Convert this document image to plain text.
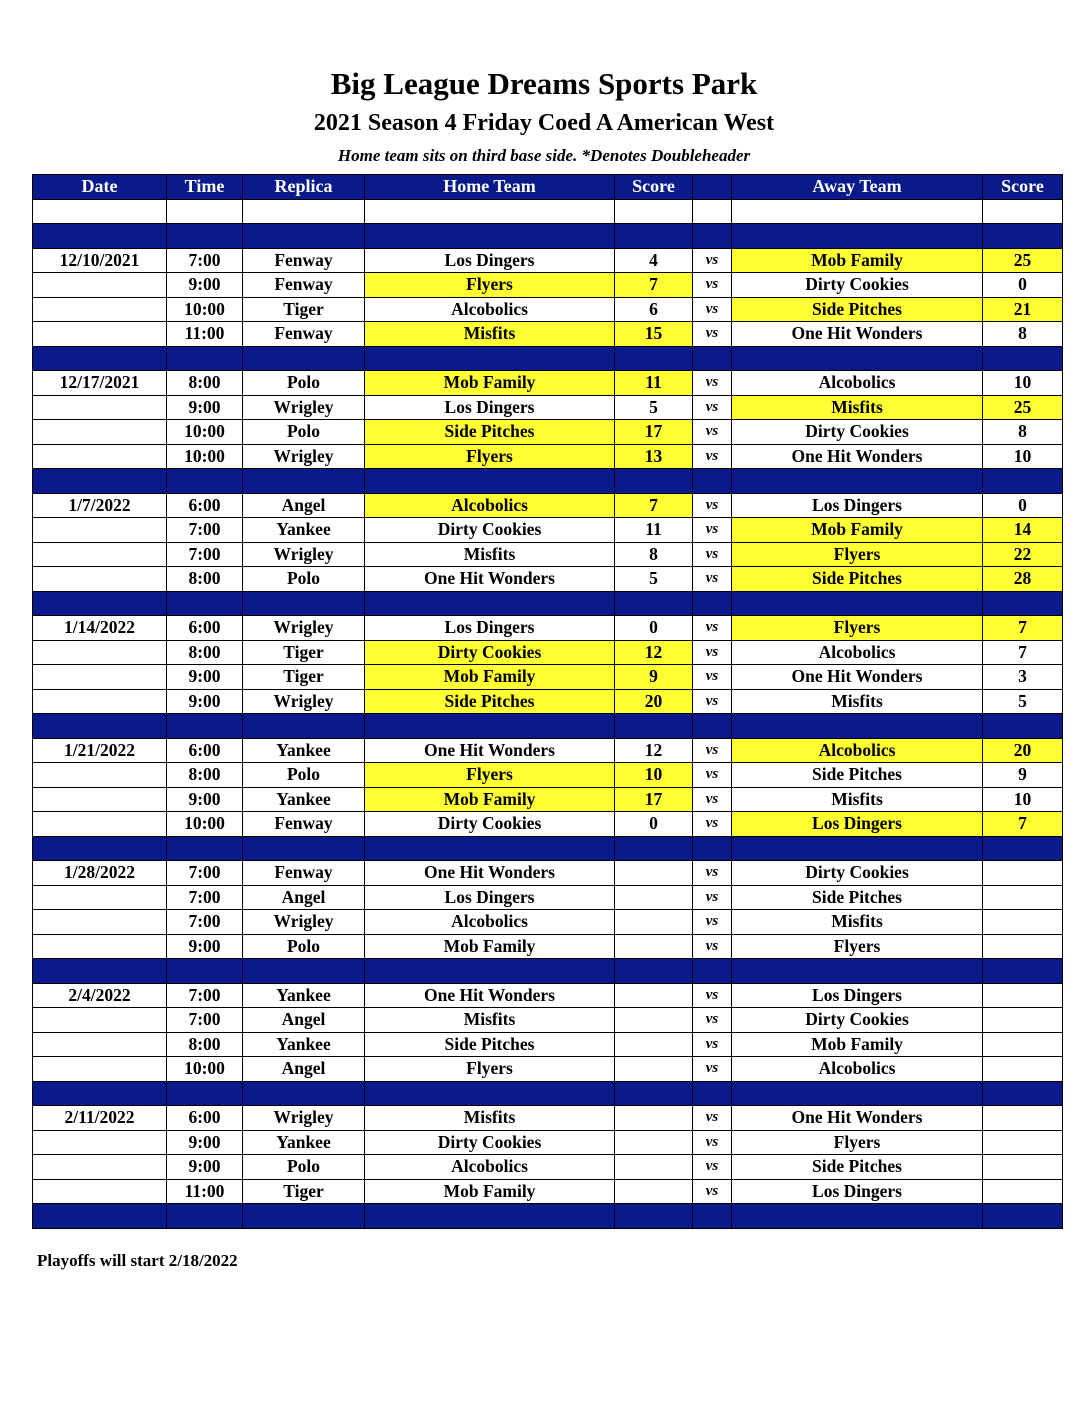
Big League Dreams Sports Park
2021 Season 4 Friday Coed A American West
Home team sits on third base side. *Denotes Doubleheader
Date	Time	Replica	Home Team	Score		Away Team	Score

12/10/2021	7:00	Fenway	Los Dingers	4	vs	Mob Family	25
	9:00	Fenway	Flyers	7	vs	Dirty Cookies	0
	10:00	Tiger	Alcobolics	6	vs	Side Pitches	21
	11:00	Fenway	Misfits	15	vs	One Hit Wonders	8

12/17/2021	8:00	Polo	Mob Family	11	vs	Alcobolics	10
	9:00	Wrigley	Los Dingers	5	vs	Misfits	25
	10:00	Polo	Side Pitches	17	vs	Dirty Cookies	8
	10:00	Wrigley	Flyers	13	vs	One Hit Wonders	10

1/7/2022	6:00	Angel	Alcobolics	7	vs	Los Dingers	0
	7:00	Yankee	Dirty Cookies	11	vs	Mob Family	14
	7:00	Wrigley	Misfits	8	vs	Flyers	22
	8:00	Polo	One Hit Wonders	5	vs	Side Pitches	28

1/14/2022	6:00	Wrigley	Los Dingers	0	vs	Flyers	7
	8:00	Tiger	Dirty Cookies	12	vs	Alcobolics	7
	9:00	Tiger	Mob Family	9	vs	One Hit Wonders	3
	9:00	Wrigley	Side Pitches	20	vs	Misfits	5

1/21/2022	6:00	Yankee	One Hit Wonders	12	vs	Alcobolics	20
	8:00	Polo	Flyers	10	vs	Side Pitches	9
	9:00	Yankee	Mob Family	17	vs	Misfits	10
	10:00	Fenway	Dirty Cookies	0	vs	Los Dingers	7

1/28/2022	7:00	Fenway	One Hit Wonders		vs	Dirty Cookies	
	7:00	Angel	Los Dingers		vs	Side Pitches	
	7:00	Wrigley	Alcobolics		vs	Misfits	
	9:00	Polo	Mob Family		vs	Flyers	

2/4/2022	7:00	Yankee	One Hit Wonders		vs	Los Dingers	
	7:00	Angel	Misfits		vs	Dirty Cookies	
	8:00	Yankee	Side Pitches		vs	Mob Family	
	10:00	Angel	Flyers		vs	Alcobolics	

2/11/2022	6:00	Wrigley	Misfits		vs	One Hit Wonders	
	9:00	Yankee	Dirty Cookies		vs	Flyers	
	9:00	Polo	Alcobolics		vs	Side Pitches	
	11:00	Tiger	Mob Family		vs	Los Dingers	

Playoffs will start 2/18/2022
